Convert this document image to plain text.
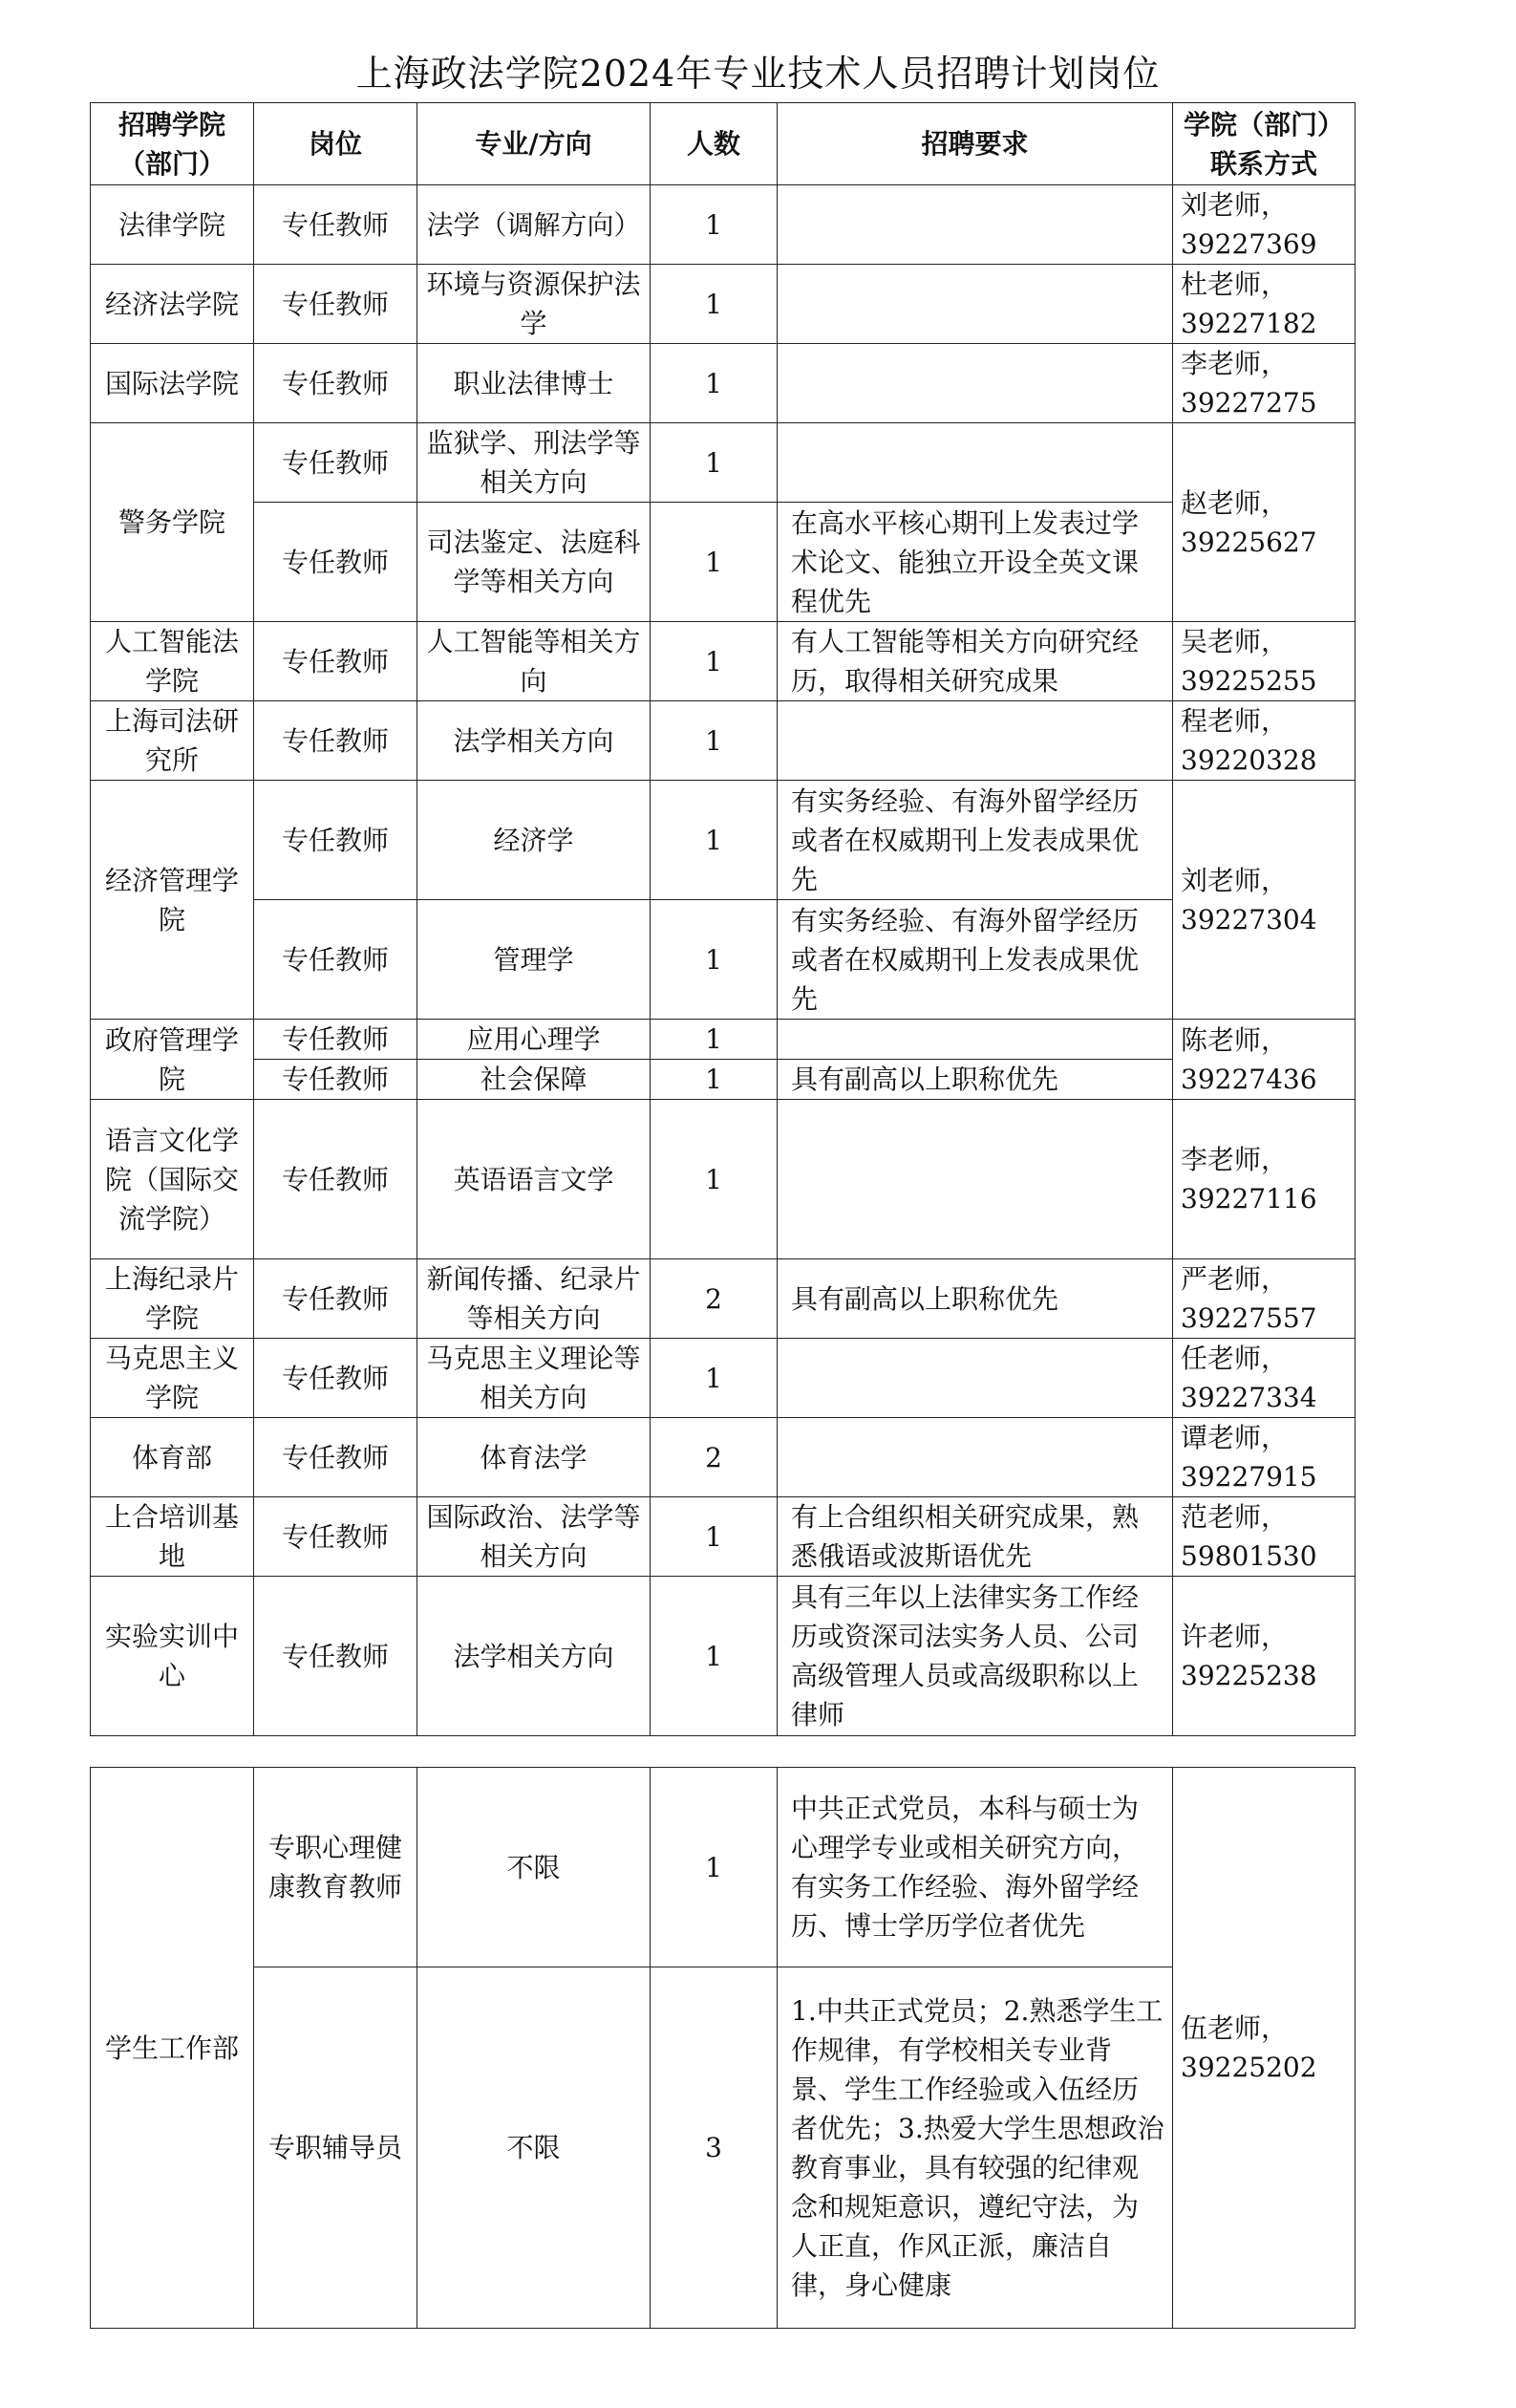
上海政法学院2024年专业技术人员招聘计划岗位
招聘学院（部门）	岗位	专业/方向	人数	招聘要求	学院（部门）联系方式
法律学院	专任教师	法学（调解方向）	1		刘老师，39227369
经济法学院	专任教师	环境与资源保护法学	1		杜老师，39227182
国际法学院	专任教师	职业法律博士	1		李老师，39227275
警务学院	专任教师	监狱学、刑法学等相关方向	1		赵老师，39225627
	专任教师	司法鉴定、法庭科学等相关方向	1	在高水平核心期刊上发表过学术论文、能独立开设全英文课程优先	
人工智能法学院	专任教师	人工智能等相关方向	1	有人工智能等相关方向研究经历，取得相关研究成果	吴老师，39225255
上海司法研究所	专任教师	法学相关方向	1		程老师，39220328
经济管理学院	专任教师	经济学	1	有实务经验、有海外留学经历或者在权威期刊上发表成果优先	刘老师，39227304
	专任教师	管理学	1	有实务经验、有海外留学经历或者在权威期刊上发表成果优先	
政府管理学院	专任教师	应用心理学	1		陈老师，39227436
	专任教师	社会保障	1	具有副高以上职称优先	
语言文化学院（国际交流学院）	专任教师	英语语言文学	1		李老师，39227116
上海纪录片学院	专任教师	新闻传播、纪录片等相关方向	2	具有副高以上职称优先	严老师，39227557
马克思主义学院	专任教师	马克思主义理论等相关方向	1		任老师，39227334
体育部	专任教师	体育法学	2		谭老师，39227915
上合培训基地	专任教师	国际政治、法学等相关方向	1	有上合组织相关研究成果，熟悉俄语或波斯语优先	范老师，59801530
实验实训中心	专任教师	法学相关方向	1	具有三年以上法律实务工作经历或资深司法实务人员、公司高级管理人员或高级职称以上律师	许老师，39225238
学生工作部	专职心理健康教育教师	不限	1	中共正式党员，本科与硕士为心理学专业或相关研究方向，有实务工作经验、海外留学经历、博士学历学位者优先	伍老师，39225202
	专职辅导员	不限	3	1.中共正式党员；2.熟悉学生工作规律，有学校相关专业背景、学生工作经验或入伍经历者优先；3.热爱大学生思想政治教育事业，具有较强的纪律观念和规矩意识，遵纪守法，为人正直，作风正派，廉洁自律，身心健康	
